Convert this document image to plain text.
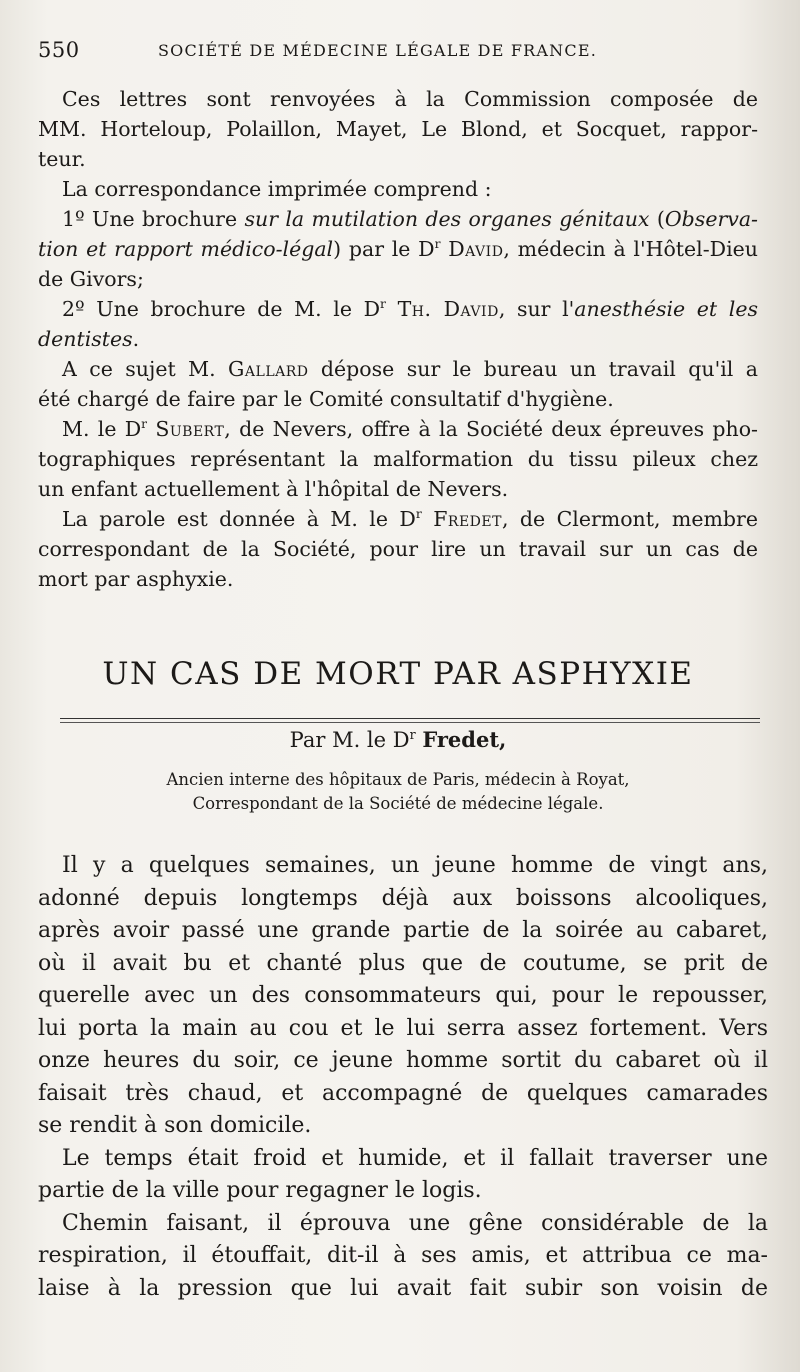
550	SOCIÉTÉ DE MÉDECINE LÉGALE DE FRANCE.

Ces lettres sont renvoyées à la Commission composée de
MM. Horteloup, Polaillon, Mayet, Le Blond, et Socquet, rappor-
teur.

La correspondance imprimée comprend :

1º Une brochure sur la mutilation des organes génitaux (Observa-
tion et rapport médico-légal) par le $D^r$ David, médecin à l'Hôtel-Dieu
de Givors;

2º Une brochure de M. le $D^r$ Th. David, sur l'anesthésie et les
dentistes.

A ce sujet M. Gallard dépose sur le bureau un travail qu'il a
été chargé de faire par le Comité consultatif d'hygiène.

M. le $D^r$ Subert, de Nevers, offre à la Société deux épreuves pho-
tographiques représentant la malformation du tissu pileux chez
un enfant actuellement à l'hôpital de Nevers.

La parole est donnée à M. le $D^r$ Fredet, de Clermont, membre
correspondant de la Société, pour lire un travail sur un cas de
mort par asphyxie.

UN CAS DE MORT PAR ASPHYXIE
Par M. le $D^r$ Fredet,
Ancien interne des hôpitaux de Paris, médecin à Royat,
Correspondant de la Société de médecine légale.

Il y a quelques semaines, un jeune homme de vingt ans,
adonné depuis longtemps déjà aux boissons alcooliques,
après avoir passé une grande partie de la soirée au cabaret,
où il avait bu et chanté plus que de coutume, se prit de
querelle avec un des consommateurs qui, pour le repousser,
lui porta la main au cou et le lui serra assez fortement. Vers
onze heures du soir, ce jeune homme sortit du cabaret où il
faisait très chaud, et accompagné de quelques camarades
se rendit à son domicile.

Le temps était froid et humide, et il fallait traverser une
partie de la ville pour regagner le logis.

Chemin faisant, il éprouva une gêne considérable de la
respiration, il étouffait, dit-il à ses amis, et attribua ce ma-
laise à la pression que lui avait fait subir son voisin de
